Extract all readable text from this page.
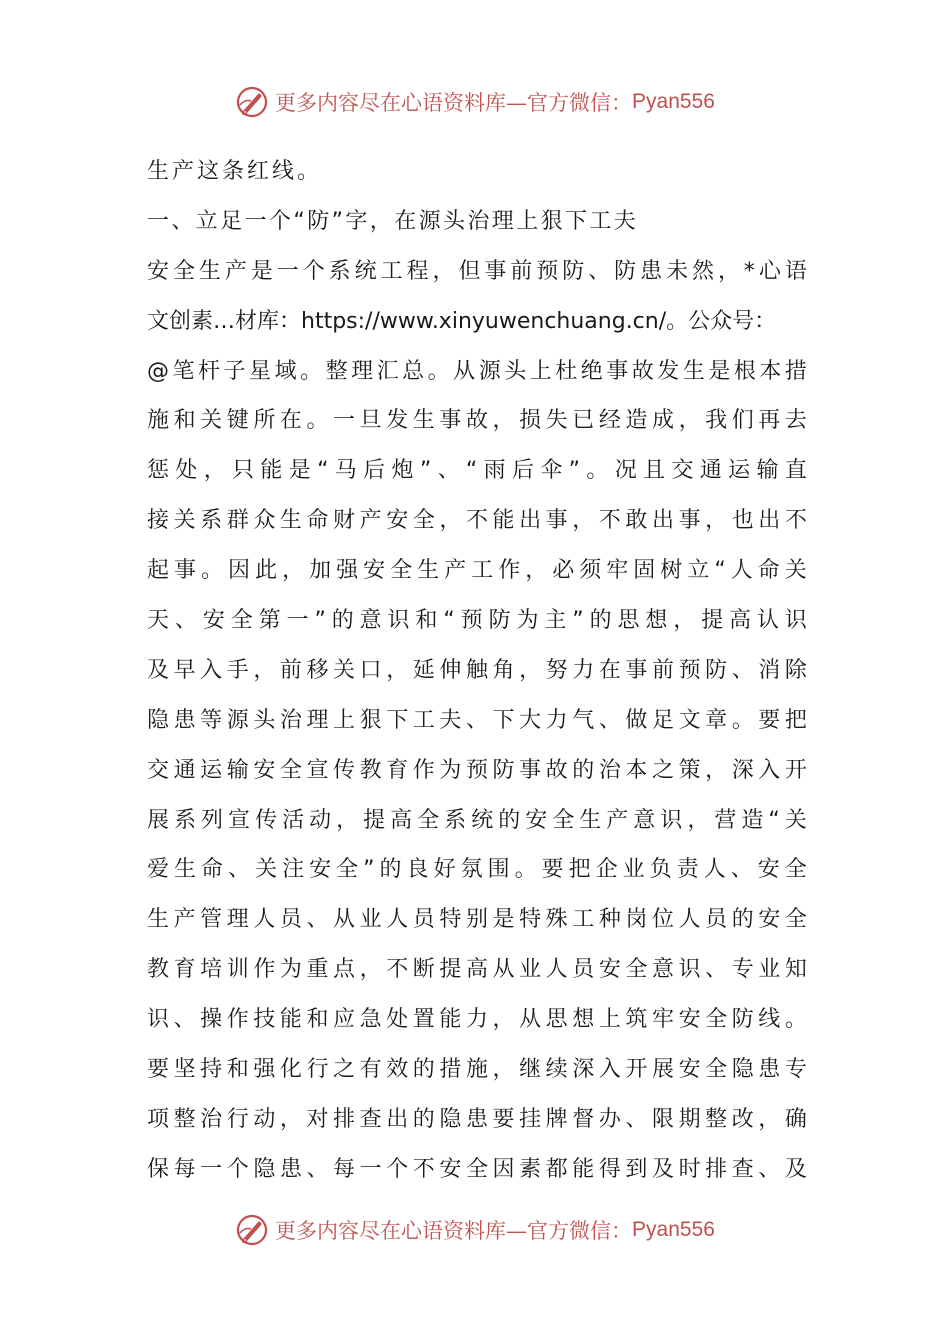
更多内容尽在心语资料库—官方微信： Pyan556
生产这条红线。
一、立足一个“防”字，在源头治理上狠下工夫
安 全 生 产 是 一 个 系 统 工 程 ， 但 事 前 预 防 、 防 患 未 然 ， * 心 语
文创素…材库：https://www.xinyuwenchuang.cn/。公众号：
@ 笔 杆 子 星 域 。 整 理 汇 总 。 从 源 头 上 杜 绝 事 故 发 生 是 根 本 措
施 和 关 键 所 在 。 一 旦 发 生 事 故 ， 损 失 已 经 造 成 ， 我 们 再 去
惩 处 ， 只 能 是 “ 马 后 炮 ” 、 “ 雨 后 伞 ” 。 况 且 交 通 运 输 直
接 关 系 群 众 生 命 财 产 安 全 ， 不 能 出 事 ， 不 敢 出 事 ， 也 出 不
起 事 。 因 此 ， 加 强 安 全 生 产 工 作 ， 必 须 牢 固 树 立 “ 人 命 关
天 、 安 全 第 一 ” 的 意 识 和 “ 预 防 为 主 ” 的 思 想 ， 提 高 认 识
及 早 入 手 ， 前 移 关 口 ， 延 伸 触 角 ， 努 力 在 事 前 预 防 、 消 除
隐 患 等 源 头 治 理 上 狠 下 工 夫 、 下 大 力 气 、 做 足 文 章 。 要 把
交 通 运 输 安 全 宣 传 教 育 作 为 预 防 事 故 的 治 本 之 策 ， 深 入 开
展 系 列 宣 传 活 动 ， 提 高 全 系 统 的 安 全 生 产 意 识 ， 营 造 “ 关
爱 生 命 、 关 注 安 全 ” 的 良 好 氛 围 。 要 把 企 业 负 责 人 、 安 全
生 产 管 理 人 员 、 从 业 人 员 特 别 是 特 殊 工 种 岗 位 人 员 的 安 全
教 育 培 训 作 为 重 点 ， 不 断 提 高 从 业 人 员 安 全 意 识 、 专 业 知
识 、 操 作 技 能 和 应 急 处 置 能 力 ， 从 思 想 上 筑 牢 安 全 防 线 。
要 坚 持 和 强 化 行 之 有 效 的 措 施 ， 继 续 深 入 开 展 安 全 隐 患 专
项 整 治 行 动 ， 对 排 查 出 的 隐 患 要 挂 牌 督 办 、 限 期 整 改 ， 确
保 每 一 个 隐 患 、 每 一 个 不 安 全 因 素 都 能 得 到 及 时 排 查 、 及
更多内容尽在心语资料库—官方微信： Pyan556
